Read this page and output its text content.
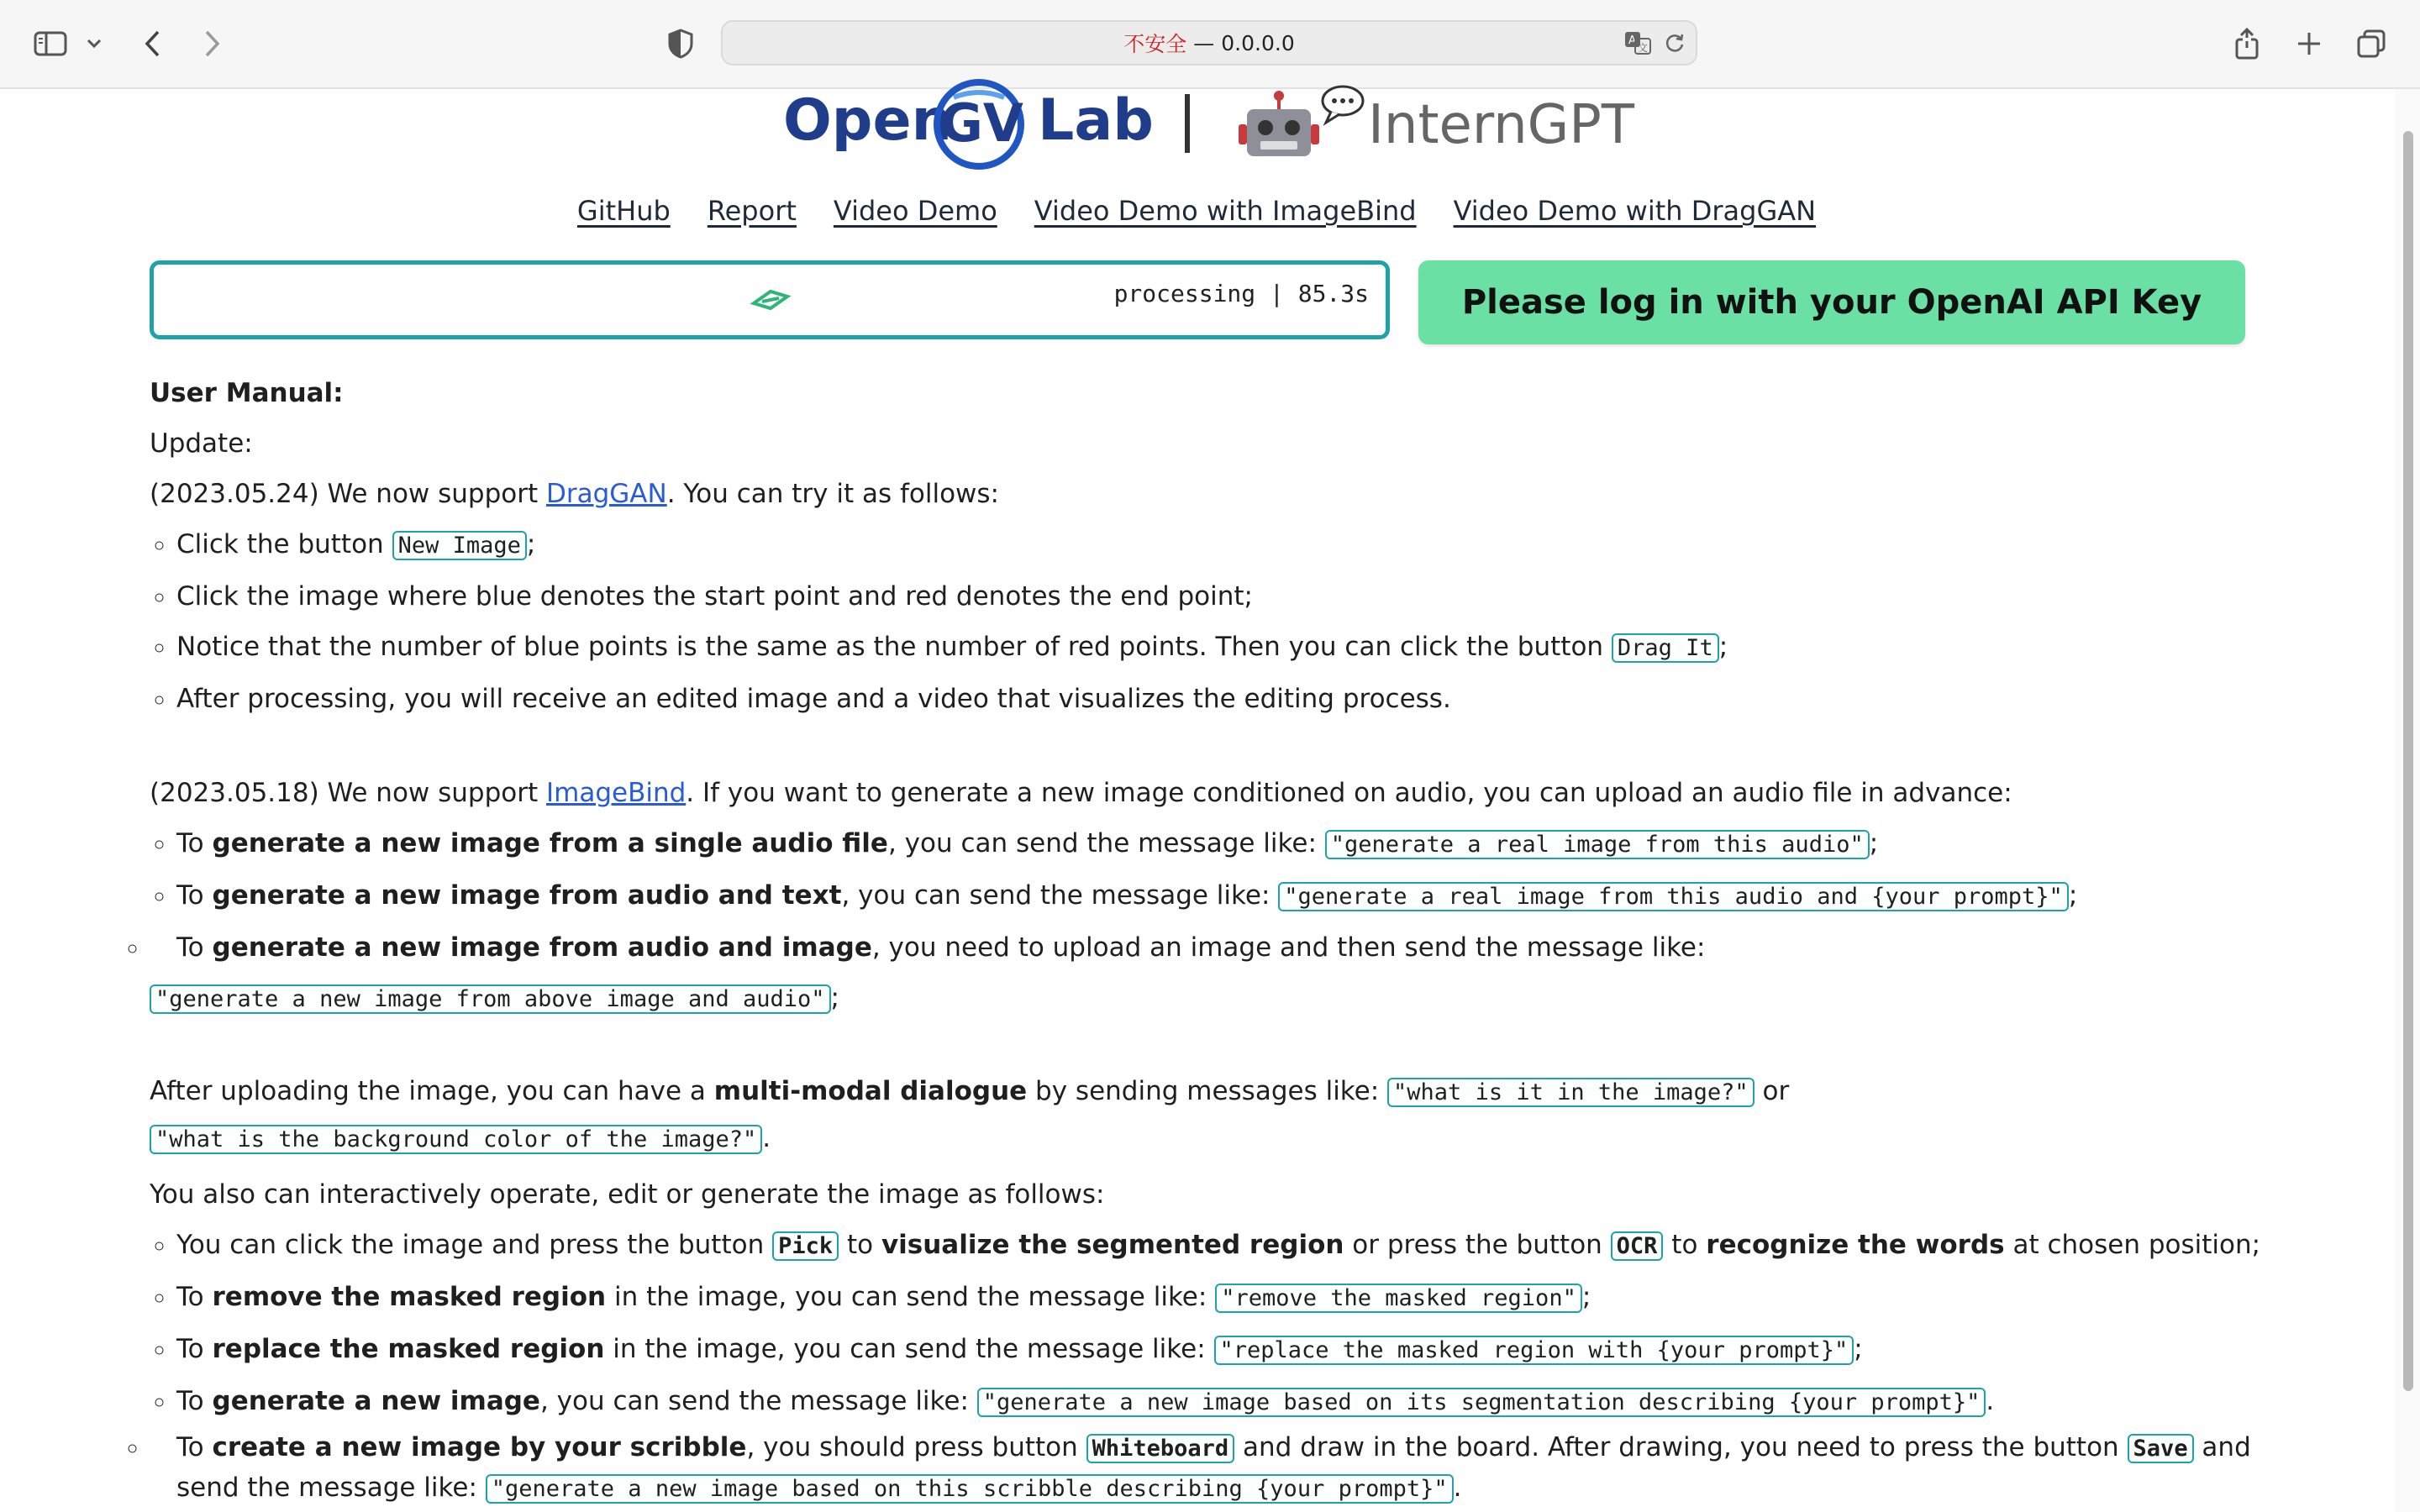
不安全 — 0.0.0.0	A
文
Open
GV Lab	InternGPT
GitHub Report Video Demo Video Demo with ImageBind Video Demo with DragGAN
processing | 85.3s	Please log in with your OpenAI API Key

User Manual:

Update:

(2023.05.24) We now support DragGAN. You can try it as follows:

◦ Click the button New Image ;
◦ Click the image where blue denotes the start point and red denotes the end point;
◦ Notice that the number of blue points is the same as the number of red points. Then you can click the button Drag It ;
◦ After processing, you will receive an edited image and a video that visualizes the editing process.

(2023.05.18) We now support ImageBind. If you want to generate a new image conditioned on audio, you can upload an audio file in advance:

◦ To generate a new image from a single audio file, you can send the message like: "generate a real image from this audio" ;
◦ To generate a new image from audio and text, you can send the message like: "generate a real image from this audio and {your prompt}" ;
◦ To generate a new image from audio and image, you need to upload an image and then send the message like:
"generate a new image from above image and audio" ;

After uploading the image, you can have a multi-modal dialogue by sending messages like: "what is it in the image?" or
"what is the background color of the image?" .

You also can interactively operate, edit or generate the image as follows:

◦ You can click the image and press the button Pick to visualize the segmented region or press the button OCR to recognize the words at chosen position;
◦ To remove the masked region in the image, you can send the message like: "remove the masked region" ;
◦ To replace the masked region in the image, you can send the message like: "replace the masked region with {your prompt}" ;
◦ To generate a new image, you can send the message like: "generate a new image based on its segmentation describing {your prompt}" .
◦ To create a new image by your scribble, you should press button Whiteboard and draw in the board. After drawing, you need to press the button Save and send the message like: "generate a new image based on this scribble describing {your prompt}" .
